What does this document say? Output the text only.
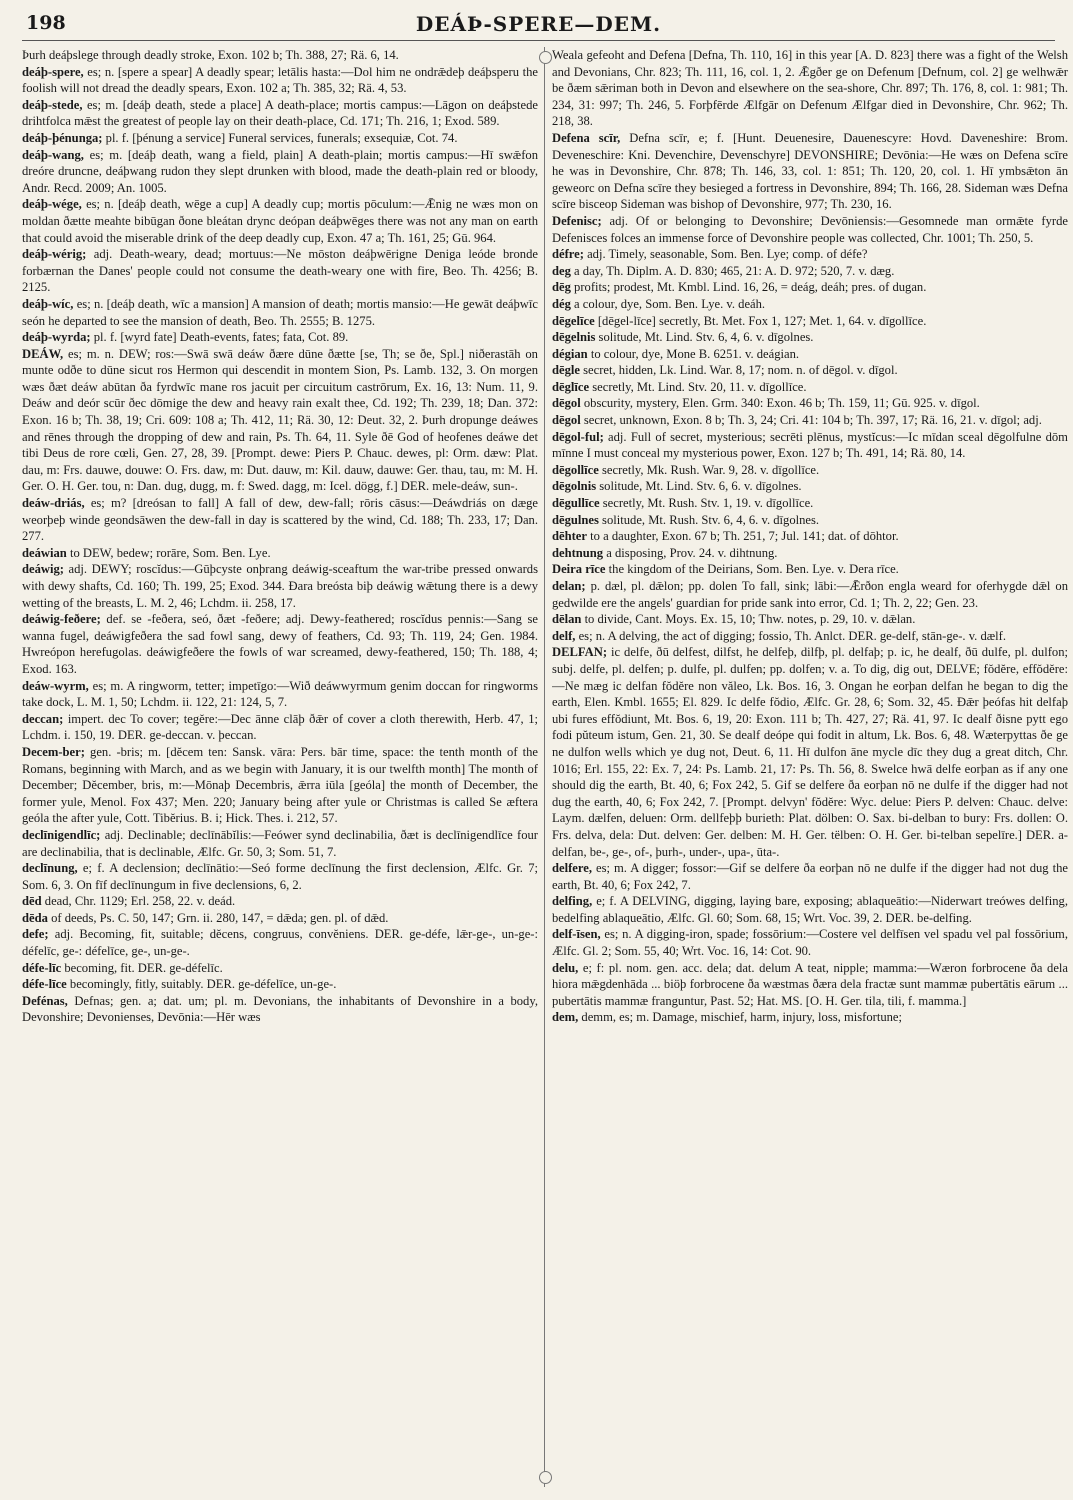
198	DEÁÞ-SPERE—DEM.

Þurh deáþslege through deadly stroke, Exon. 102 b; Th. 388, 27; Rä. 6, 14.

deáþ-spere, es; n. [spere a spear] A deadly spear; letālis hasta:—Dol him ne ondrǣdeþ deáþsperu the foolish will not dread the deadly spears, Exon. 102 a; Th. 385, 32; Rä. 4, 53.

deáþ-stede, es; m. [deáþ death, stede a place] A death-place; mortis campus:—Lāgon on deáþstede drihtfolca mǣst the greatest of people lay on their death-place, Cd. 171; Th. 216, 1; Exod. 589.

deáþ-þénunga; pl. f. [þénung a service] Funeral services, funerals; exsequiæ, Cot. 74.

deáþ-wang, es; m. [deáþ death, wang a field, plain] A death-plain; mortis campus:—Hī swǣfon dreóre druncne, deáþwang rudon they slept drunken with blood, made the death-plain red or bloody, Andr. Recd. 2009; An. 1005.

deáþ-wége, es; n. [deáþ death, wēge a cup] A deadly cup; mortis pōculum:—Ǣnig ne wæs mon on moldan ðætte meahte bibūgan ðone bleátan drync deópan deáþwēges there was not any man on earth that could avoid the miserable drink of the deep deadly cup, Exon. 47 a; Th. 161, 25; Gū. 964.

deáþ-wérig; adj. Death-weary, dead; mortuus:—Ne mōston deáþwērigne Deniga leóde bronde forbærnan the Danes' people could not consume the death-weary one with fire, Beo. Th. 4256; B. 2125.

deáþ-wíc, es; n. [deáþ death, wīc a mansion] A mansion of death; mortis mansio:—He gewāt deáþwīc seón he departed to see the mansion of death, Beo. Th. 2555; B. 1275.

deáþ-wyrda; pl. f. [wyrd fate] Death-events, fates; fata, Cot. 89.

DEÁW, es; m. n. DEW; ros:—Swā swā deáw ðære dūne ðætte [se, Th; se ðe, Spl.] niðerastāh on munte odðe to dūne sicut ros Hermon qui descendit in montem Sion, Ps. Lamb. 132, 3. On morgen wæs ðæt deáw abūtan ða fyrdwīc mane ros jacuit per circuitum castrōrum, Ex. 16, 13: Num. 11, 9. Deáw and deór scūr ðec dōmige the dew and heavy rain exalt thee, Cd. 192; Th. 239, 18; Dan. 372: Exon. 16 b; Th. 38, 19; Cri. 609: 108 a; Th. 412, 11; Rä. 30, 12: Deut. 32, 2. Þurh dropunge deáwes and rēnes through the dropping of dew and rain, Ps. Th. 64, 11. Syle ðē God of heofenes deáwe det tibi Deus de rore cœli, Gen. 27, 28, 39. [Prompt. dewe: Piers P. Chauc. dewes, pl: Orm. dæw: Plat. dau, m: Frs. dauwe, douwe: O. Frs. daw, m: Dut. dauw, m: Kil. dauw, dauwe: Ger. thau, tau, m: M. H. Ger. O. H. Ger. tou, n: Dan. dug, dugg, m. f: Swed. dagg, m: Icel. dögg, f.] DER. mele-deáw, sun-.

deáw-driás, es; m? [dreósan to fall] A fall of dew, dew-fall; rōris cāsus:—Deáwdriás on dæge weorþeþ winde geondsāwen the dew-fall in day is scattered by the wind, Cd. 188; Th. 233, 17; Dan. 277.

deáwian to DEW, bedew; rorāre, Som. Ben. Lye.

deáwig; adj. DEWY; roscĭdus:—Gūþcyste onþrang deáwig-sceaftum the war-tribe pressed onwards with dewy shafts, Cd. 160; Th. 199, 25; Exod. 344. Ðara breósta biþ deáwig wǣtung there is a dewy wetting of the breasts, L. M. 2, 46; Lchdm. ii. 258, 17.

deáwig-feðere; def. se -feðera, seó, ðæt -feðere; adj. Dewy-feathered; roscĭdus pennis:—Sang se wanna fugel, deáwigfeðera the sad fowl sang, dewy of feathers, Cd. 93; Th. 119, 24; Gen. 1984. Hwreópon herefugolas. deáwigfeðere the fowls of war screamed, dewy-feathered, 150; Th. 188, 4; Exod. 163.

deáw-wyrm, es; m. A ringworm, tetter; impetīgo:—Wið deáwwyrmum genim doccan for ringworms take dock, L. M. 1, 50; Lchdm. ii. 122, 21: 124, 5, 7.

deccan; impert. dec To cover; tegĕre:—Dec ānne clāþ ðǣr of cover a cloth therewith, Herb. 47, 1; Lchdm. i. 150, 19. DER. ge-deccan. v. þeccan.

Decem-ber; gen. -bris; m. [dĕcem ten: Sansk. vāra: Pers. bār time, space: the tenth month of the Romans, beginning with March, and as we begin with January, it is our twelfth month] The month of December; Dĕcember, bris, m:—Mōnaþ Decembris, ǣrra iūla [geóla] the month of December, the former yule, Menol. Fox 437; Men. 220; January being after yule or Christmas is called Se æftera geóla the after yule, Cott. Tibĕrius. B. i; Hick. Thes. i. 212, 57.

declīnigendlīc; adj. Declinable; declīnābĭlis:—Feówer synd declinabilia, ðæt is declīnigendlīce four are declinabilia, that is declinable, Ælfc. Gr. 50, 3; Som. 51, 7.

declīnung, e; f. A declension; declīnātio:—Seó forme declīnung the first declension, Ælfc. Gr. 7; Som. 6, 3. On fīf declīnungum in five declensions, 6, 2.

dēd dead, Chr. 1129; Erl. 258, 22. v. deád.

dēda of deeds, Ps. C. 50, 147; Grn. ii. 280, 147, = dǣda; gen. pl. of dǣd.

defe; adj. Becoming, fit, suitable; dĕcens, congruus, convĕniens. DER. ge-défe, lǣr-ge-, un-ge-: défelīc, ge-: défelīce, ge-, un-ge-.

défe-līc becoming, fit. DER. ge-défelīc.

défe-līce becomingly, fitly, suitably. DER. ge-défelīce, un-ge-.

Defénas, Defnas; gen. a; dat. um; pl. m. Devonians, the inhabitants of Devonshire in a body, Devonshire; Devonienses, Devōnia:—Hēr wæs

Weala gefeoht and Defena [Defna, Th. 110, 16] in this year [A. D. 823] there was a fight of the Welsh and Devonians, Chr. 823; Th. 111, 16, col. 1, 2. Ǣgðer ge on Defenum [Defnum, col. 2] ge welhwǣr be ðæm sǣriman both in Devon and elsewhere on the sea-shore, Chr. 897; Th. 176, 8, col. 1: 981; Th. 234, 31: 997; Th. 246, 5. Forþfērde Ælfgār on Defenum Ælfgar died in Devonshire, Chr. 962; Th. 218, 38.

Defena scīr, Defna scīr, e; f. [Hunt. Deuenesire, Dauenescyre: Hovd. Daveneshire: Brom. Deveneschire: Kni. Devenchire, Devenschyre] DEVONSHIRE; Devōnia:—He wæs on Defena scīre he was in Devonshire, Chr. 878; Th. 146, 33, col. 1: 851; Th. 120, 20, col. 1. Hī ymbsǣton ān geweorc on Defna scīre they besieged a fortress in Devonshire, 894; Th. 166, 28. Sideman wæs Defna scīre bisceop Sideman was bishop of Devonshire, 977; Th. 230, 16.

Defenisc; adj. Of or belonging to Devonshire; Devōniensis:—Gesomnede man ormǣte fyrde Defenisces folces an immense force of Devonshire people was collected, Chr. 1001; Th. 250, 5.

défre; adj. Timely, seasonable, Som. Ben. Lye; comp. of défe?

deg a day, Th. Diplm. A. D. 830; 465, 21: A. D. 972; 520, 7. v. dæg.

dēg profits; prodest, Mt. Kmbl. Lind. 16, 26, = deág, deáh; pres. of dugan.

dég a colour, dye, Som. Ben. Lye. v. deáh.

dēgelīce [dēgel-līce] secretly, Bt. Met. Fox 1, 127; Met. 1, 64. v. dīgollīce.

dēgelnis solitude, Mt. Lind. Stv. 6, 4, 6. v. dīgolnes.

dégian to colour, dye, Mone B. 6251. v. deágian.

dēgle secret, hidden, Lk. Lind. War. 8, 17; nom. n. of dēgol. v. dīgol.

dēglīce secretly, Mt. Lind. Stv. 20, 11. v. dīgollīce.

dēgol obscurity, mystery, Elen. Grm. 340: Exon. 46 b; Th. 159, 11; Gū. 925. v. dīgol.

dēgol secret, unknown, Exon. 8 b; Th. 3, 24; Cri. 41: 104 b; Th. 397, 17; Rä. 16, 21. v. dīgol; adj.

dēgol-ful; adj. Full of secret, mysterious; secrēti plēnus, mystĭcus:—Ic mīdan sceal dēgolfulne dōm mīnne I must conceal my mysterious power, Exon. 127 b; Th. 491, 14; Rä. 80, 14.

dēgollīce secretly, Mk. Rush. War. 9, 28. v. dīgollīce.

dēgolnis solitude, Mt. Lind. Stv. 6, 6. v. dīgolnes.

dēgullīce secretly, Mt. Rush. Stv. 1, 19. v. dīgollīce.

dēgulnes solitude, Mt. Rush. Stv. 6, 4, 6. v. dīgolnes.

dēhter to a daughter, Exon. 67 b; Th. 251, 7; Jul. 141; dat. of dōhtor.

dehtnung a disposing, Prov. 24. v. dihtnung.

Deira rīce the kingdom of the Deirians, Som. Ben. Lye. v. Dera rīce.

delan; p. dæl, pl. dǣlon; pp. dolen To fall, sink; lābi:—Ǣrðon engla weard for oferhygde dǣl on gedwilde ere the angels' guardian for pride sank into error, Cd. 1; Th. 2, 22; Gen. 23.

dēlan to divide, Cant. Moys. Ex. 15, 10; Thw. notes, p. 29, 10. v. dǣlan.

delf, es; n. A delving, the act of digging; fossio, Th. Anlct. DER. ge-delf, stān-ge-. v. dælf.

DELFAN; ic delfe, ðū delfest, dilfst, he delfeþ, dilfþ, pl. delfaþ; p. ic, he dealf, ðū dulfe, pl. dulfon; subj. delfe, pl. delfen; p. dulfe, pl. dulfen; pp. dolfen; v. a. To dig, dig out, DELVE; fŏdĕre, effŏdĕre:—Ne mæg ic delfan fŏdĕre non văleo, Lk. Bos. 16, 3. Ongan he eorþan delfan he began to dig the earth, Elen. Kmbl. 1655; El. 829. Ic delfe fŏdio, Ælfc. Gr. 28, 6; Som. 32, 45. Ðǣr þeófas hit delfaþ ubi fures effŏdiunt, Mt. Bos. 6, 19, 20: Exon. 111 b; Th. 427, 27; Rä. 41, 97. Ic dealf ðisne pytt ego fodi pŭteum istum, Gen. 21, 30. Se dealf deópe qui fodit in altum, Lk. Bos. 6, 48. Wæterpyttas ðe ge ne dulfon wells which ye dug not, Deut. 6, 11. Hī dulfon āne mycle dīc they dug a great ditch, Chr. 1016; Erl. 155, 22: Ex. 7, 24: Ps. Lamb. 21, 17: Ps. Th. 56, 8. Swelce hwā delfe eorþan as if any one should dig the earth, Bt. 40, 6; Fox 242, 5. Gif se delfere ða eorþan nō ne dulfe if the digger had not dug the earth, 40, 6; Fox 242, 7. [Prompt. delvyn' fŏdĕre: Wyc. delue: Piers P. delven: Chauc. delve: Laym. dælfen, deluen: Orm. dellfeþþ burieth: Plat. dölben: O. Sax. bi-delban to bury: Frs. dollen: O. Frs. delva, dela: Dut. delven: Ger. delben: M. H. Ger. tëlben: O. H. Ger. bi-telban sepelīre.] DER. a-delfan, be-, ge-, of-, þurh-, under-, upa-, ūta-.

delfere, es; m. A digger; fossor:—Gif se delfere ða eorþan nō ne dulfe if the digger had not dug the earth, Bt. 40, 6; Fox 242, 7.

delfing, e; f. A DELVING, digging, laying bare, exposing; ablaqueātio:—Niderwart treówes delfing, bedelfing ablaqueātio, Ælfc. Gl. 60; Som. 68, 15; Wrt. Voc. 39, 2. DER. be-delfing.

delf-īsen, es; n. A digging-iron, spade; fossōrium:—Costere vel delfīsen vel spadu vel pal fossōrium, Ælfc. Gl. 2; Som. 55, 40; Wrt. Voc. 16, 14: Cot. 90.

delu, e; f: pl. nom. gen. acc. dela; dat. delum A teat, nipple; mamma:—Wæron forbrocene ða dela hiora mǣgdenhāda ... biöþ forbrocene ða wæstmas ðæra dela fractæ sunt mammæ pubertātis eārum ... pubertātis mammæ franguntur, Past. 52; Hat. MS. [O. H. Ger. tila, tili, f. mamma.]

dem, demm, es; m. Damage, mischief, harm, injury, loss, misfortune;
